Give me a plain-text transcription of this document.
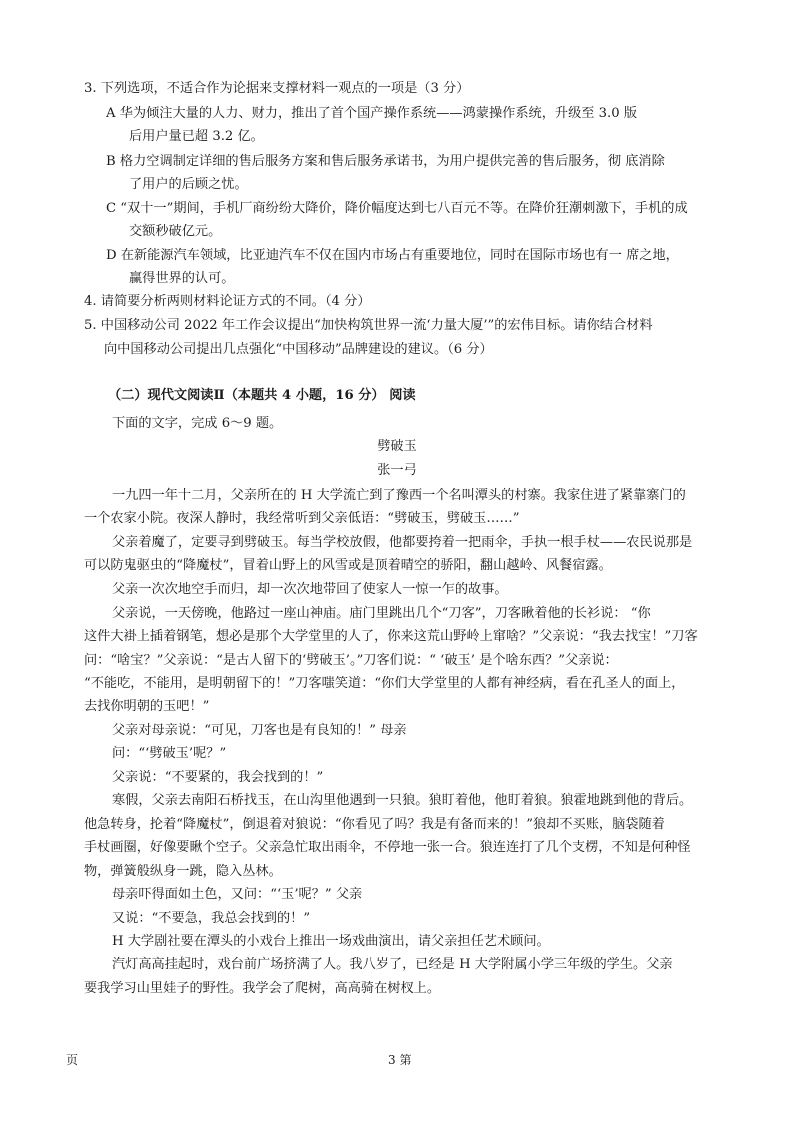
3. 下列选项，不适合作为论据来支撑材料一观点的一项是（3 分）
A 华为倾注大量的人力、财力，推出了首个国产操作系统——鸿蒙操作系统，升级至 3.0 版
后用户量已超 3.2 亿。
B 格力空调制定详细的售后服务方案和售后服务承诺书，为用户提供完善的售后服务，彻 底消除
了用户的后顾之忧。
C “双十一”期间，手机厂商纷纷大降价，降价幅度达到七八百元不等。在降价狂潮刺激下，手机的成
交额秒破亿元。
D 在新能源汽车领域，比亚迪汽车不仅在国内市场占有重要地位，同时在国际市场也有一 席之地，
赢得世界的认可。
4. 请简要分析两则材料论证方式的不同。（4 分）
5. 中国移动公司 2022 年工作会议提出“加快构筑世界一流‘力量大厦’”的宏伟目标。请你结合材料
向中国移动公司提出几点强化“中国移动”品牌建设的建议。（6 分）
（二）现代文阅读Ⅱ（本题共 4 小题，16 分） 阅读
下面的文字，完成 6～9 题。
劈破玉
张一弓
一九四一年十二月，父亲所在的 H 大学流亡到了豫西一个名叫潭头的村寨。我家住进了紧靠寨门的
一个农家小院。夜深人静时，我经常听到父亲低语：“劈破玉，劈破玉……”
父亲着魔了，定要寻到劈破玉。每当学校放假，他都要挎着一把雨伞，手执一根手杖——农民说那是
可以防鬼驱虫的“降魔杖”，冒着山野上的风雪或是顶着晴空的骄阳，翻山越岭、风餐宿露。
父亲一次次地空手而归，却一次次地带回了使家人一惊一乍的故事。
父亲说，一天傍晚，他路过一座山神庙。庙门里跳出几个“刀客”，刀客瞅着他的长衫说： “你
这件大褂上插着钢笔，想必是那个大学堂里的人了，你来这荒山野岭上窜啥？”父亲说：“我去找宝！”刀客
问：“啥宝？”父亲说：“是古人留下的‘劈破玉’。”刀客们说：“ ‘破玉’ 是个啥东西？”父亲说：
“不能吃，不能用，是明朝留下的！”刀客嗤笑道：“你们大学堂里的人都有神经病，看在孔圣人的面上，
去找你明朝的玉吧！”
父亲对母亲说：“可见，刀客也是有良知的！” 母亲
问：“‘劈破玉’呢？”
父亲说：“不要紧的，我会找到的！”
寒假，父亲去南阳石桥找玉，在山沟里他遇到一只狼。狼盯着他，他盯着狼。狼霍地跳到他的背后。
他急转身，抡着“降魔杖”，倒退着对狼说：“你看见了吗？我是有备而来的！”狼却不买账，脑袋随着
手杖画圈，好像要瞅个空子。父亲急忙取出雨伞，不停地一张一合。狼连连打了几个支楞，不知是何种怪
物，弹簧般纵身一跳，隐入丛林。
母亲吓得面如土色，又问：“‘玉’呢？” 父亲
又说：“不要急，我总会找到的！”
H 大学剧社要在潭头的小戏台上推出一场戏曲演出，请父亲担任艺术顾问。
汽灯高高挂起时，戏台前广场挤满了人。我八岁了，已经是 H 大学附属小学三年级的学生。父亲
要我学习山里娃子的野性。我学会了爬树，高高骑在树杈上。
页	3 第
